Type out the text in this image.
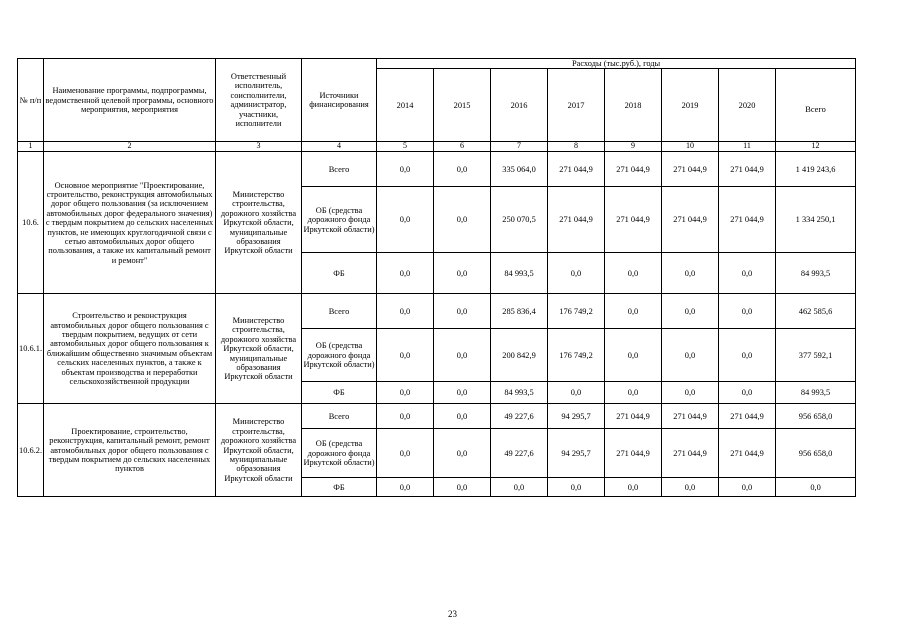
№ п/п	Наименование программы, подпрограммы, ведомственной целевой программы, основного мероприятия, мероприятия	Ответственный исполнитель, соисполнители, администратор, участники, исполнители	Источники финансирования	Расходы (тыс.руб.), годы							
				2014	2015	2016	2017	2018	2019	2020	Всего
1	2	3	4	5	6	7	8	9	10	11	12
10.6.	Основное мероприятие "Проектирование, строительство, реконструкция автомобильных дорог общего пользования (за исключением автомобильных дорог федерального значения) с твердым покрытием до сельских населенных пунктов, не имеющих круглогодичной связи с сетью автомобильных дорог общего пользования, а также их капитальный ремонт и ремонт"	Министерство строительства, дорожного хозяйства Иркутской области, муниципальные образования Иркутской области	Всего	0,0	0,0	335 064,0	271 044,9	271 044,9	271 044,9	271 044,9	1 419 243,6
			ОБ (средства дорожного фонда Иркутской области)	0,0	0,0	250 070,5	271 044,9	271 044,9	271 044,9	271 044,9	1 334 250,1
			ФБ	0,0	0,0	84 993,5	0,0	0,0	0,0	0,0	84 993,5
10.6.1.	Строительство и реконструкция автомобильных дорог общего пользования с твердым покрытием, ведущих от сети автомобильных дорог общего пользования к ближайшим общественно значимым объектам сельских населенных пунктов, а также к объектам производства и переработки сельскохозяйственной продукции	Министерство строительства, дорожного хозяйства Иркутской области, муниципальные образования Иркутской области	Всего	0,0	0,0	285 836,4	176 749,2	0,0	0,0	0,0	462 585,6
			ОБ (средства дорожного фонда Иркутской области)	0,0	0,0	200 842,9	176 749,2	0,0	0,0	0,0	377 592,1
			ФБ	0,0	0,0	84 993,5	0,0	0,0	0,0	0,0	84 993,5
10.6.2.	Проектирование, строительство, реконструкция, капитальный ремонт, ремонт автомобильных дорог общего пользования с твердым покрытием до сельских населенных пунктов	Министерство строительства, дорожного хозяйства Иркутской области, муниципальные образования Иркутской области	Всего	0,0	0,0	49 227,6	94 295,7	271 044,9	271 044,9	271 044,9	956 658,0
			ОБ (средства дорожного фонда Иркутской области)	0,0	0,0	49 227,6	94 295,7	271 044,9	271 044,9	271 044,9	956 658,0
			ФБ	0,0	0,0	0,0	0,0	0,0	0,0	0,0	0,0
23
